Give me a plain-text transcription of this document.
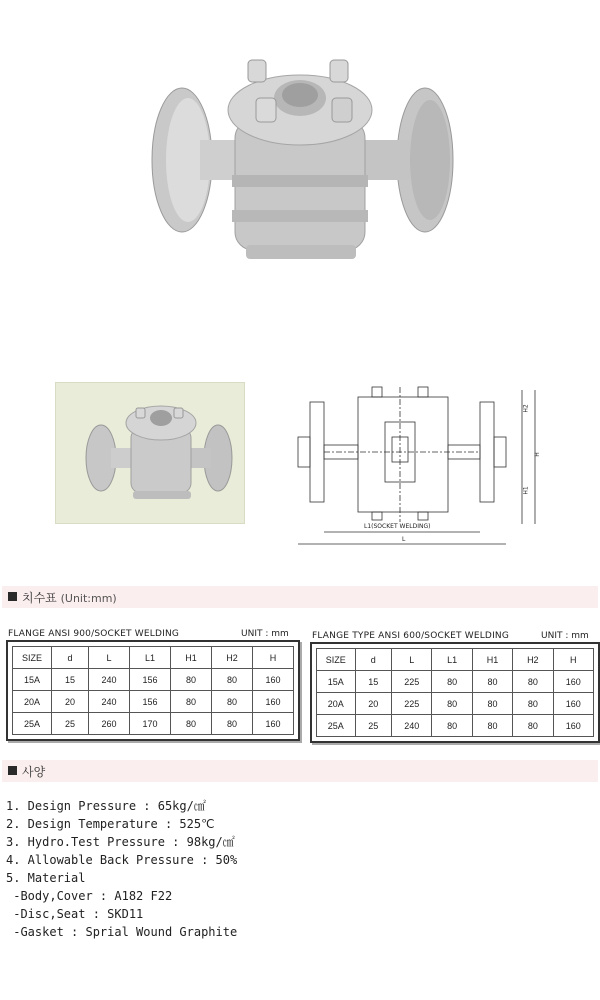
H2
H
H1
L1(SOCKET WELDING)
L
치수표 (Unit:mm)
FLANGE ANSI 900/SOCKET WELDING	UNIT : mm
SIZE	d	L	L1	H1	H2	H
15A	15	240	156	80	80	160
20A	20	240	156	80	80	160
25A	25	260	170	80	80	160
FLANGE TYPE ANSI 600/SOCKET WELDING	UNIT : mm
SIZE	d	L	L1	H1	H2	H
15A	15	225	80	80	80	160
20A	20	225	80	80	80	160
25A	25	240	80	80	80	160
사양
1. Design Pressure : 65kg/㎠
2. Design Temperature : 525℃
3. Hydro.Test Pressure : 98kg/㎠
4. Allowable Back Pressure : 50%
5. Material
-Body,Cover : A182 F22
-Disc,Seat : SKD11
-Gasket : Sprial Wound Graphite
